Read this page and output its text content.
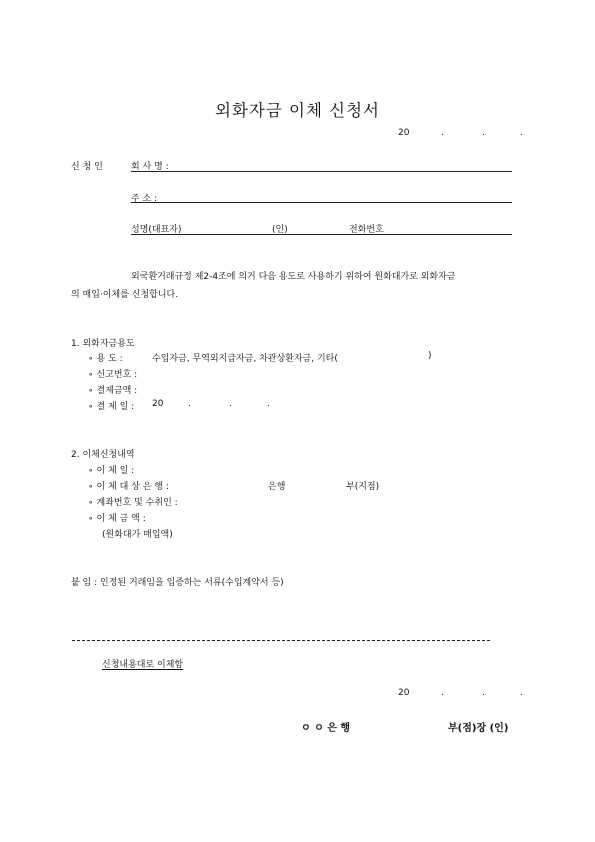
외화자금 이체 신청서
20	.	.	.
신 청 인	회 사 명 :
주 소 :
성명(대표자)	(인)	전화번호
외국환거래규정 제2-4조에 의거 다음 용도로 사용하기 위하여 원화대가로 외화자금
의 매입·이체를 신청합니다.
1. 외화자금용도
∘ 용 도 :	수입자금, 무역외지급자금, 차관상환자금, 기타(	)
∘ 신고번호 :
∘ 결제금액 :
∘ 결 제 일 : 20	.	.	.
2. 이체신청내역
∘ 이 체 일 :
∘ 이 체 대 상 은 행 :	은행	부(지점)
∘ 계좌번호 및 수취인 :
∘ 이 체 금 액 :
(원화대가 매입액)
붙 임 : 인정된 거래임을 입증하는 서류(수입계약서 등)
신청내용대로 이체함
20	.	.	.
ㅇ ㅇ 은 행	부(점)장 (인)
